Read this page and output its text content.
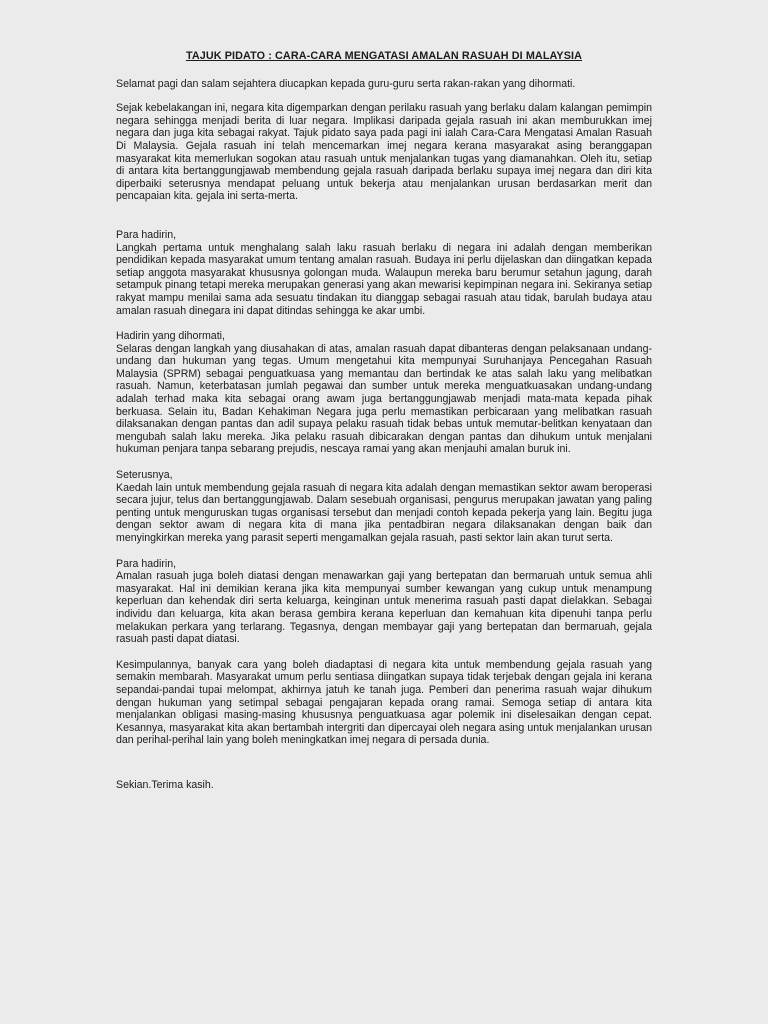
TAJUK PIDATO : CARA-CARA MENGATASI AMALAN RASUAH DI MALAYSIA

Selamat pagi dan salam sejahtera diucapkan kepada guru-guru serta rakan-rakan yang dihormati.

Sejak kebelakangan ini, negara kita digemparkan dengan perilaku rasuah yang berlaku dalam kalangan pemimpin negara sehingga menjadi berita di luar negara. Implikasi daripada gejala rasuah ini akan memburukkan imej negara dan juga kita sebagai rakyat. Tajuk pidato saya pada pagi ini ialah Cara-Cara Mengatasi Amalan Rasuah Di Malaysia. Gejala rasuah ini telah mencemarkan imej negara kerana masyarakat asing beranggapan masyarakat kita memerlukan sogokan atau rasuah untuk menjalankan tugas yang diamanahkan. Oleh itu, setiap di antara kita bertanggungjawab membendung gejala rasuah daripada berlaku supaya imej negara dan diri kita diperbaiki seterusnya mendapat peluang untuk bekerja atau menjalankan urusan berdasarkan merit dan pencapaian kita. gejala ini serta-merta.

Para hadirin,

Langkah pertama untuk menghalang salah laku rasuah berlaku di negara ini adalah dengan memberikan pendidikan kepada masyarakat umum tentang amalan rasuah. Budaya ini perlu dijelaskan dan diingatkan kepada setiap anggota masyarakat khususnya golongan muda. Walaupun mereka baru berumur setahun jagung, darah setampuk pinang tetapi mereka merupakan generasi yang akan mewarisi kepimpinan negara ini. Sekiranya setiap rakyat mampu menilai sama ada sesuatu tindakan itu dianggap sebagai rasuah atau tidak, barulah budaya atau amalan rasuah dinegara ini dapat ditindas sehingga ke akar umbi.

Hadirin yang dihormati,

Selaras dengan langkah yang diusahakan di atas, amalan rasuah dapat dibanteras dengan pelaksanaan undang-undang dan hukuman yang tegas. Umum mengetahui kita mempunyai Suruhanjaya Pencegahan Rasuah Malaysia (SPRM) sebagai penguatkuasa yang memantau dan bertindak ke atas salah laku yang melibatkan rasuah. Namun, keterbatasan jumlah pegawai dan sumber untuk mereka menguatkuasakan undang-undang adalah terhad maka kita sebagai orang awam juga bertanggungjawab menjadi mata-mata kepada pihak berkuasa. Selain itu, Badan Kehakiman Negara juga perlu memastikan perbicaraan yang melibatkan rasuah dilaksanakan dengan pantas dan adil supaya pelaku rasuah tidak bebas untuk memutar-belitkan kenyataan dan mengubah salah laku mereka. Jika pelaku rasuah dibicarakan dengan pantas dan dihukum untuk menjalani hukuman penjara tanpa sebarang prejudis, nescaya ramai yang akan menjauhi amalan buruk ini.

Seterusnya,

Kaedah lain untuk membendung gejala rasuah di negara kita adalah dengan memastikan sektor awam beroperasi secara jujur, telus dan bertanggungjawab. Dalam sesebuah organisasi, pengurus merupakan jawatan yang paling penting untuk menguruskan tugas organisasi tersebut dan menjadi contoh kepada pekerja yang lain. Begitu juga dengan sektor awam di negara kita di mana jika pentadbiran negara dilaksanakan dengan baik dan menyingkirkan mereka yang parasit seperti mengamalkan gejala rasuah, pasti sektor lain akan turut serta.

Para hadirin,

Amalan rasuah juga boleh diatasi dengan menawarkan gaji yang bertepatan dan bermaruah untuk semua ahli masyarakat. Hal ini demikian kerana jika kita mempunyai sumber kewangan yang cukup untuk menampung keperluan dan kehendak diri serta keluarga, keinginan untuk menerima rasuah pasti dapat dielakkan. Sebagai individu dan keluarga, kita akan berasa gembira kerana keperluan dan kemahuan kita dipenuhi tanpa perlu melakukan perkara yang terlarang. Tegasnya, dengan membayar gaji yang bertepatan dan bermaruah, gejala rasuah pasti dapat diatasi.

Kesimpulannya, banyak cara yang boleh diadaptasi di negara kita untuk membendung gejala rasuah yang semakin membarah. Masyarakat umum perlu sentiasa diingatkan supaya tidak terjebak dengan gejala ini kerana sepandai-pandai tupai melompat, akhirnya jatuh ke tanah juga. Pemberi dan penerima rasuah wajar dihukum dengan hukuman yang setimpal sebagai pengajaran kepada orang ramai. Semoga setiap di antara kita menjalankan obligasi masing-masing khususnya penguatkuasa agar polemik ini diselesaikan dengan cepat. Kesannya, masyarakat kita akan bertambah intergriti dan dipercayai oleh negara asing untuk menjalankan urusan dan perihal-perihal lain yang boleh meningkatkan imej negara di persada dunia.

Sekian.Terima kasih.
